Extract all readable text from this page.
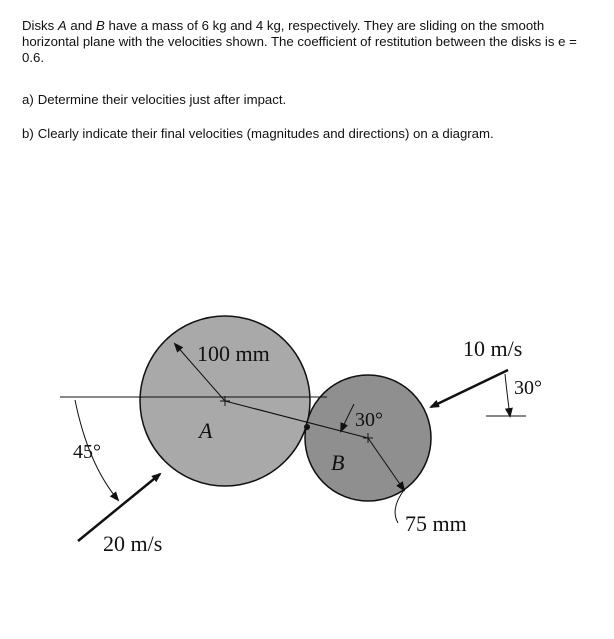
Disks A and B have a mass of 6 kg and 4 kg, respectively. They are sliding on the smooth horizontal plane with the velocities shown. The coefficient of restitution between the disks is e = 0.6.

a) Determine their velocities just after impact.

b) Clearly indicate their final velocities (magnitudes and directions) on a diagram.

A
B
100 mm
75 mm
20 m/s
10 m/s
45°
30°
30°
